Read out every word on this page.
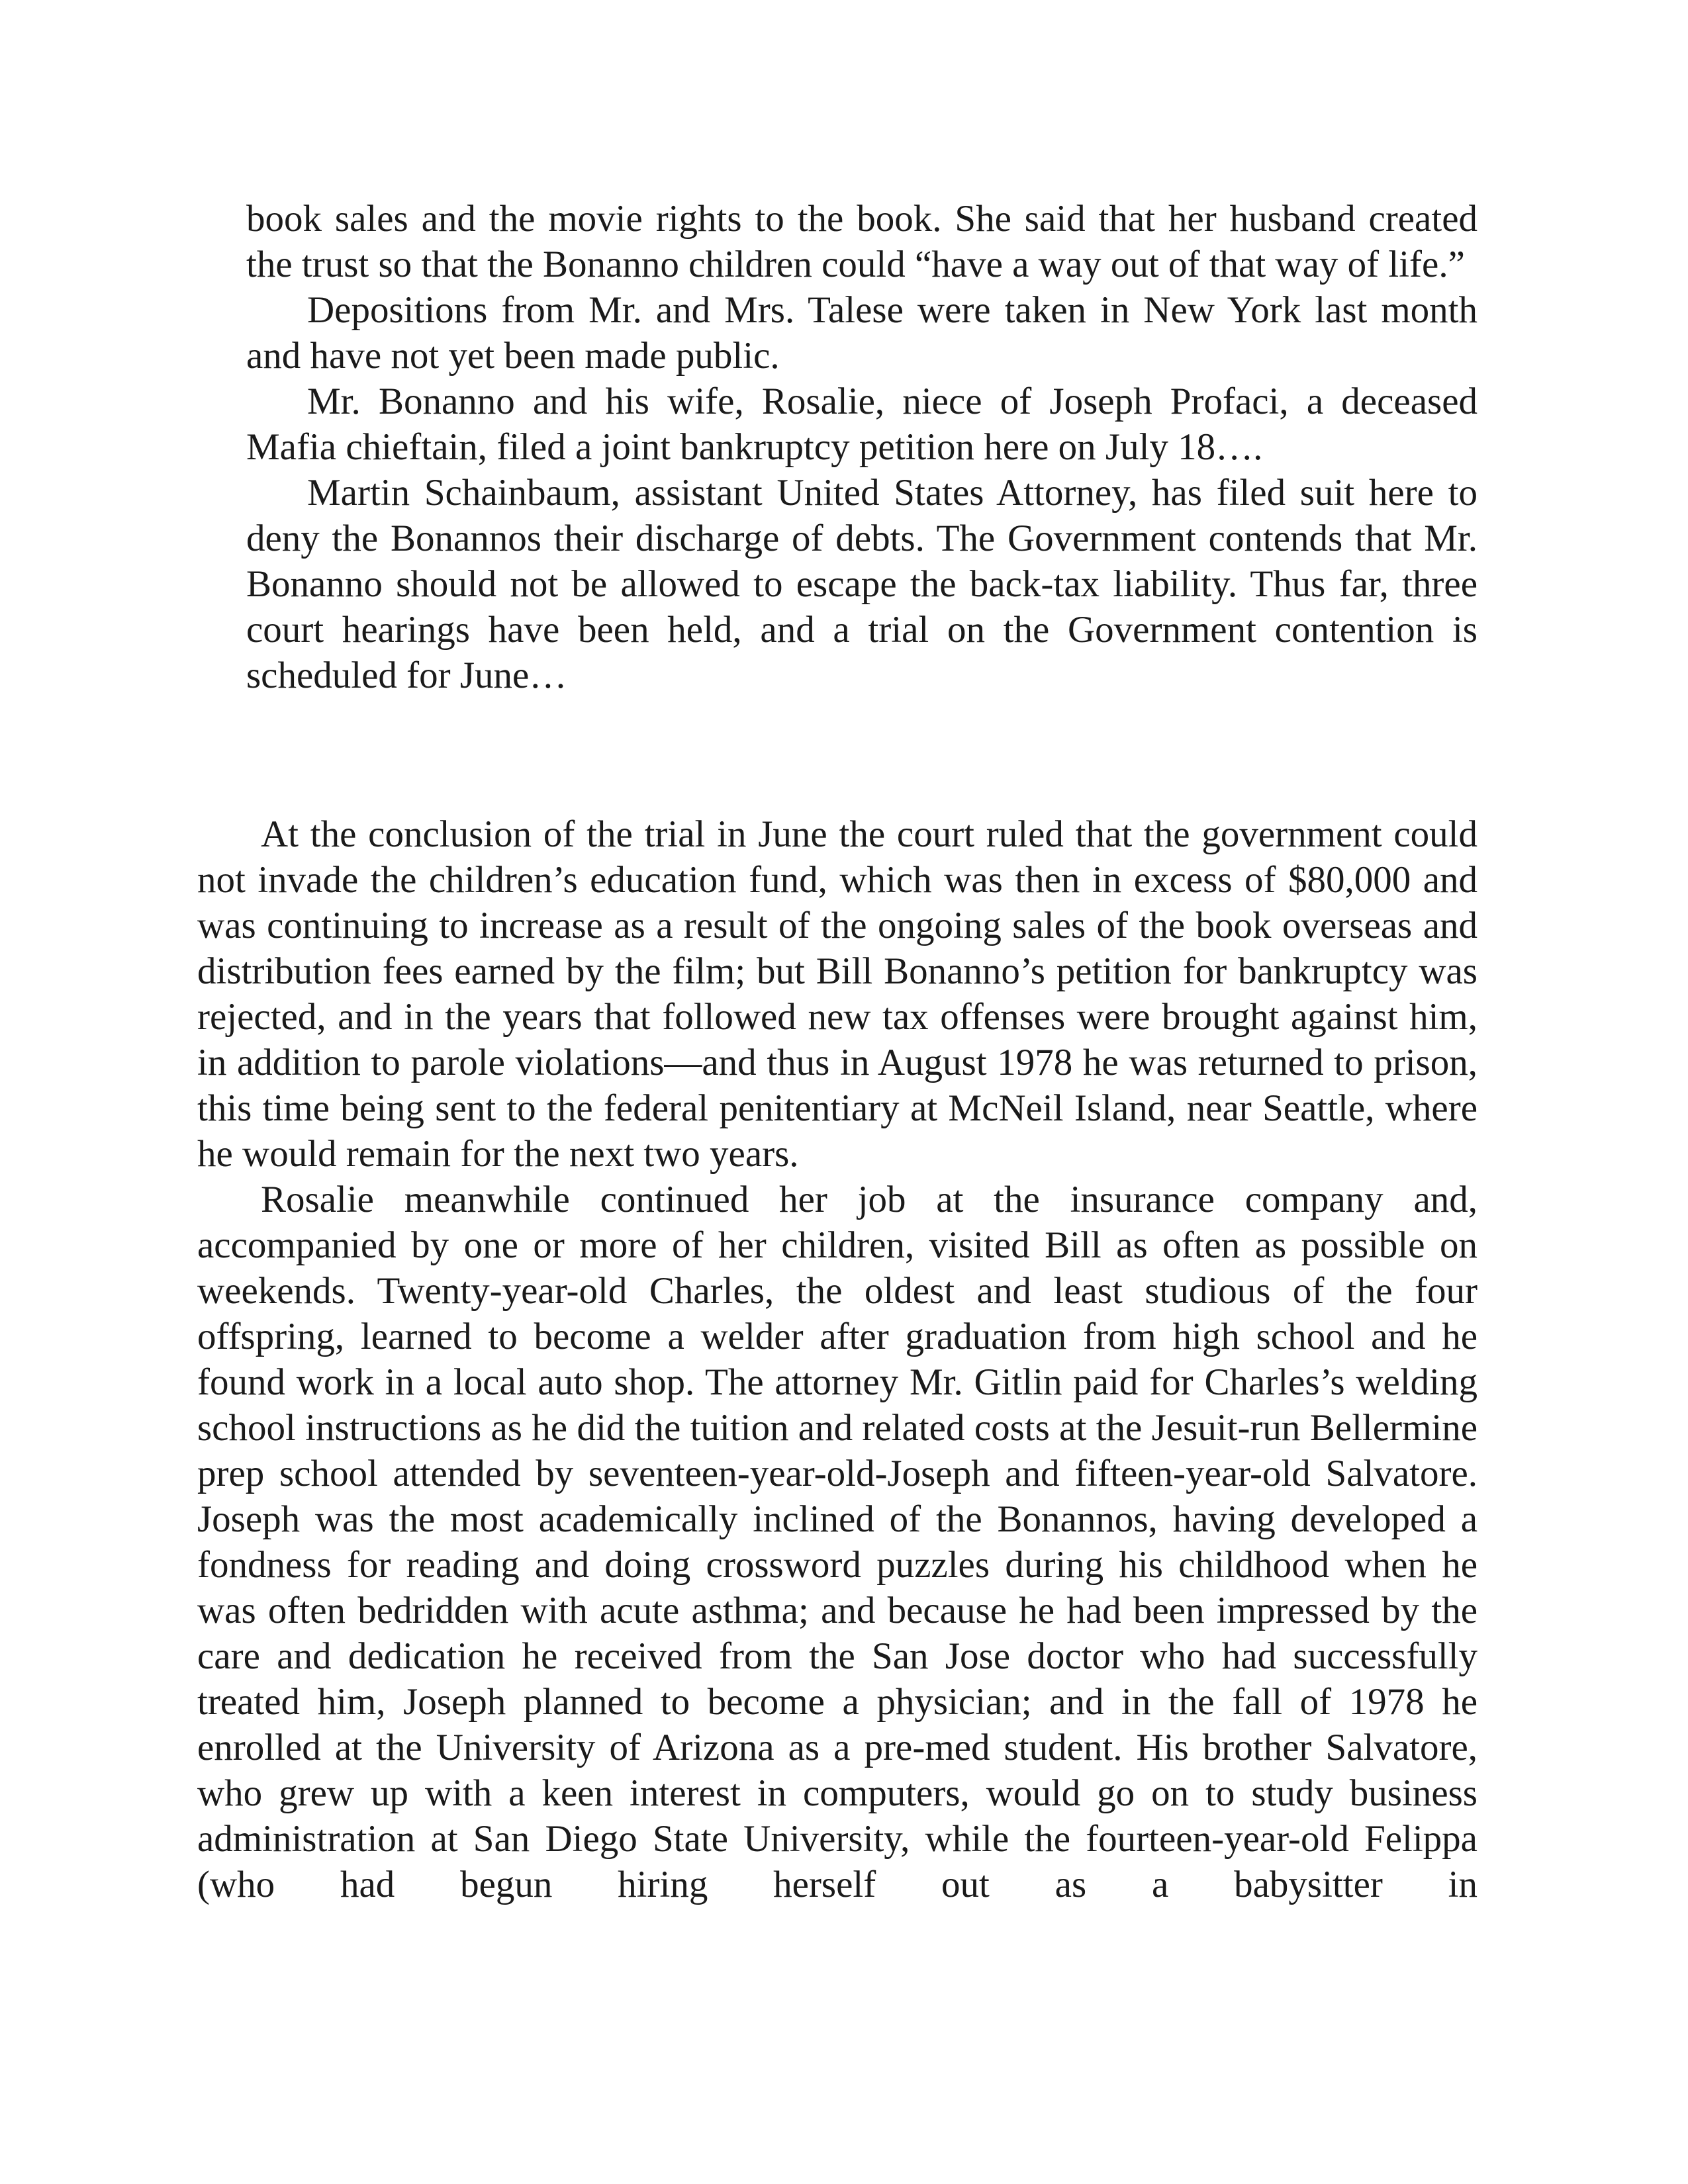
book sales and the movie rights to the book. She said that her husband created the trust so that the Bonanno children could “have a way out of that way of life.”

Depositions from Mr. and Mrs. Talese were taken in New York last month and have not yet been made public.

Mr. Bonanno and his wife, Rosalie, niece of Joseph Profaci, a deceased Mafia chieftain, filed a joint bankruptcy petition here on July 18….

Martin Schainbaum, assistant United States Attorney, has filed suit here to deny the Bonannos their discharge of debts. The Government contends that Mr. Bonanno should not be allowed to escape the back-tax liability. Thus far, three court hearings have been held, and a trial on the Government contention is scheduled for June…

At the conclusion of the trial in June the court ruled that the government could not invade the children’s education fund, which was then in excess of $80,000 and was continuing to increase as a result of the ongoing sales of the book overseas and distribution fees earned by the film; but Bill Bonanno’s petition for bankruptcy was rejected, and in the years that followed new tax offenses were brought against him, in addition to parole violations—and thus in August 1978 he was returned to prison, this time being sent to the federal penitentiary at McNeil Island, near Seattle, where he would remain for the next two years.

Rosalie meanwhile continued her job at the insurance company and, accompanied by one or more of her children, visited Bill as often as possible on weekends. Twenty-year-old Charles, the oldest and least studious of the four offspring, learned to become a welder after graduation from high school and he found work in a local auto shop. The attorney Mr. Gitlin paid for Charles’s welding school instructions as he did the tuition and related costs at the Jesuit-run Bellermine prep school attended by seventeen-year-old-Joseph and fifteen-year-old Salvatore. Joseph was the most academically inclined of the Bonannos, having developed a fondness for reading and doing crossword puzzles during his childhood when he was often bedridden with acute asthma; and because he had been impressed by the care and dedication he received from the San Jose doctor who had successfully treated him, Joseph planned to become a physician; and in the fall of 1978 he enrolled at the University of Arizona as a pre-med student. His brother Salvatore, who grew up with a keen interest in computers, would go on to study business administration at San Diego State University, while the fourteen-year-old Felippa (who had begun hiring herself out as a babysitter in
